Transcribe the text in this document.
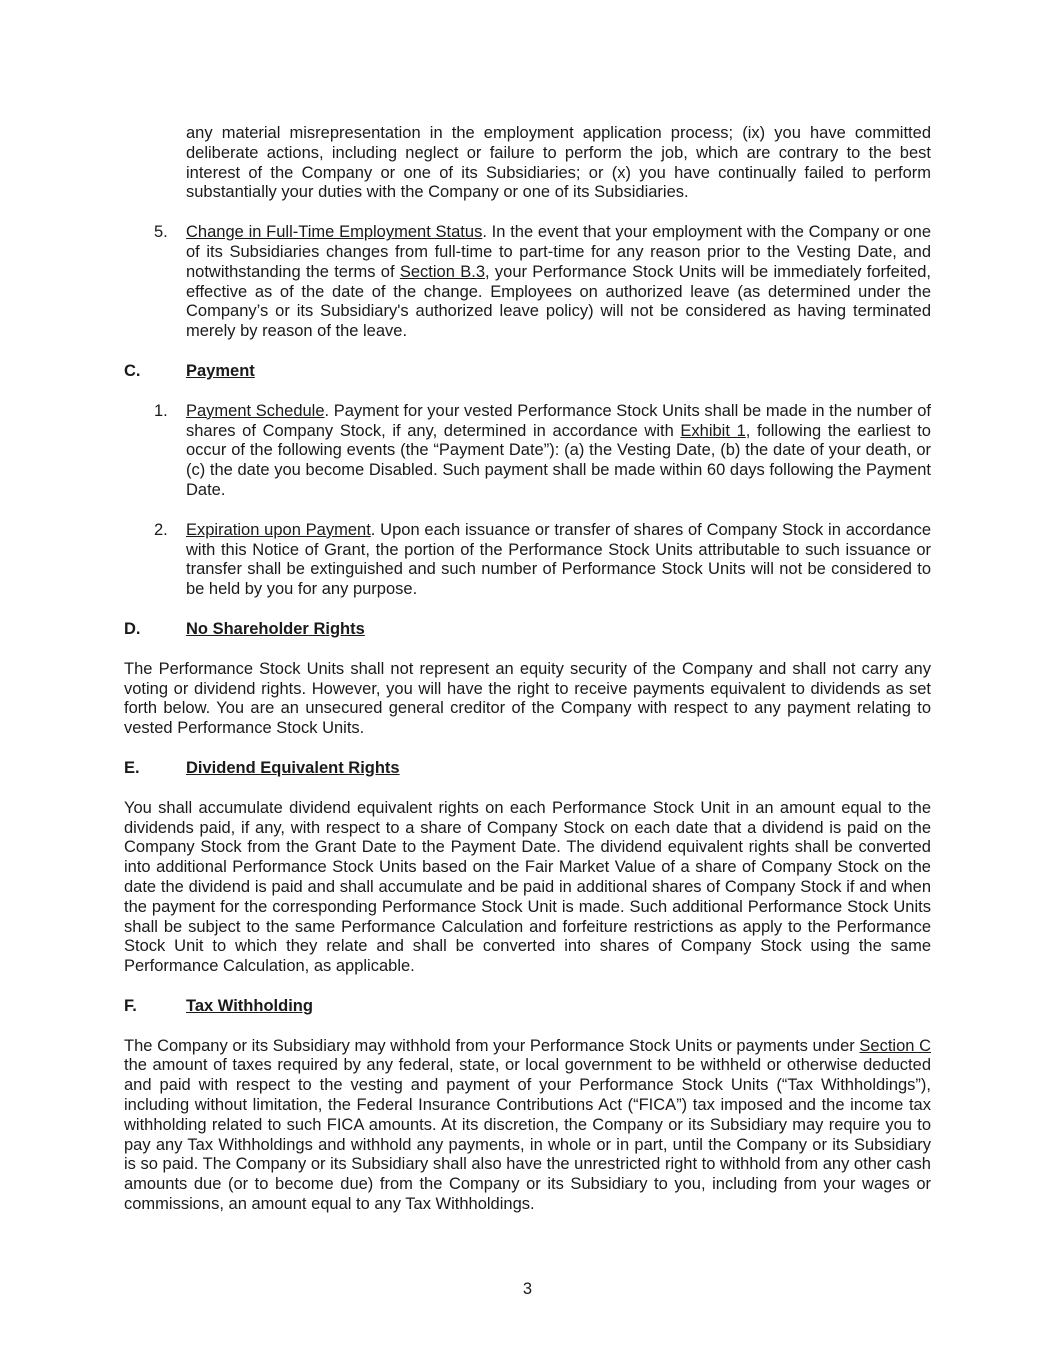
any material misrepresentation in the employment application process; (ix) you have committed deliberate actions, including neglect or failure to perform the job, which are contrary to the best interest of the Company or one of its Subsidiaries; or (x) you have continually failed to perform substantially your duties with the Company or one of its Subsidiaries.

5.	Change in Full-Time Employment Status. In the event that your employment with the Company or one of its Subsidiaries changes from full-time to part-time for any reason prior to the Vesting Date, and notwithstanding the terms of Section B.3, your Performance Stock Units will be immediately forfeited, effective as of the date of the change. Employees on authorized leave (as determined under the Company’s or its Subsidiary's authorized leave policy) will not be considered as having terminated merely by reason of the leave.

C.	Payment
1.	Payment Schedule. Payment for your vested Performance Stock Units shall be made in the number of shares of Company Stock, if any, determined in accordance with Exhibit 1, following the earliest to occur of the following events (the “Payment Date”): (a) the Vesting Date, (b) the date of your death, or (c) the date you become Disabled. Such payment shall be made within 60 days following the Payment Date.

2.	Expiration upon Payment. Upon each issuance or transfer of shares of Company Stock in accordance with this Notice of Grant, the portion of the Performance Stock Units attributable to such issuance or transfer shall be extinguished and such number of Performance Stock Units will not be considered to be held by you for any purpose.

D.	No Shareholder Rights

The Performance Stock Units shall not represent an equity security of the Company and shall not carry any voting or dividend rights. However, you will have the right to receive payments equivalent to dividends as set forth below. You are an unsecured general creditor of the Company with respect to any payment relating to vested Performance Stock Units.

E.	Dividend Equivalent Rights

You shall accumulate dividend equivalent rights on each Performance Stock Unit in an amount equal to the dividends paid, if any, with respect to a share of Company Stock on each date that a dividend is paid on the Company Stock from the Grant Date to the Payment Date. The dividend equivalent rights shall be converted into additional Performance Stock Units based on the Fair Market Value of a share of Company Stock on the date the dividend is paid and shall accumulate and be paid in additional shares of Company Stock if and when the payment for the corresponding Performance Stock Unit is made. Such additional Performance Stock Units shall be subject to the same Performance Calculation and forfeiture restrictions as apply to the Performance Stock Unit to which they relate and shall be converted into shares of Company Stock using the same Performance Calculation, as applicable.

F.	Tax Withholding

The Company or its Subsidiary may withhold from your Performance Stock Units or payments under Section C the amount of taxes required by any federal, state, or local government to be withheld or otherwise deducted and paid with respect to the vesting and payment of your Performance Stock Units (“Tax Withholdings”), including without limitation, the Federal Insurance Contributions Act (“FICA”) tax imposed and the income tax withholding related to such FICA amounts. At its discretion, the Company or its Subsidiary may require you to pay any Tax Withholdings and withhold any payments, in whole or in part, until the Company or its Subsidiary is so paid. The Company or its Subsidiary shall also have the unrestricted right to withhold from any other cash amounts due (or to become due) from the Company or its Subsidiary to you, including from your wages or commissions, an amount equal to any Tax Withholdings.

3
